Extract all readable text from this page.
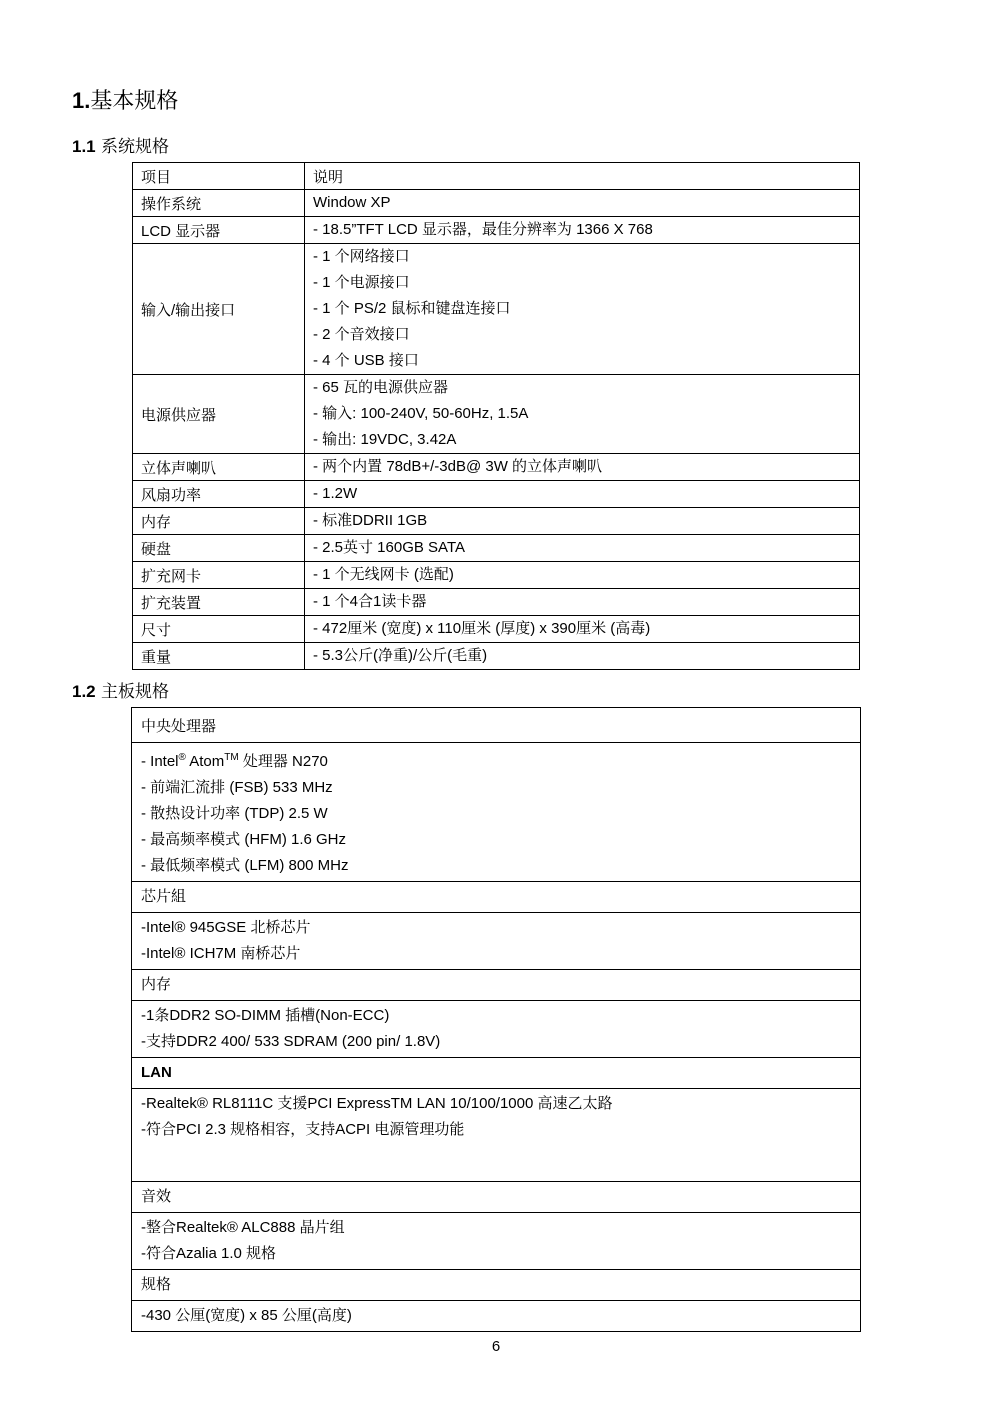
1.基本规格
1.1 系统规格
项目	说明
操作系统	Window XP

LCD 显示器	- 18.5”TFT LCD 显示器，最佳分辨率为 1366 X 768

输入/输出接口	- 1 个网络接口
- 1 个电源接口
- 1 个 PS/2 鼠标和键盘连接口
- 2 个音效接口
- 4 个 USB 接口

电源供应器	- 65 瓦的电源供应器
- 输入: 100-240V, 50-60Hz, 1.5A
- 输出: 19VDC, 3.42A

立体声喇叭	- 两个内置 78dB+/-3dB@ 3W 的立体声喇叭

风扇功率	- 1.2W

内存	- 标准DDRII 1GB

硬盘	- 2.5英寸 160GB SATA

扩充网卡	- 1 个无线网卡 (选配)

扩充装置	- 1 个4合1读卡器

尺寸	- 472厘米 (宽度) x 110厘米 (厚度) x 390厘米 (高毒)

重量	- 5.3公斤(净重)/公斤(毛重)
1.2 主板规格
中央处理器

- Intel® Atom™ 处理器 N270
- 前端汇流排 (FSB) 533 MHz
- 散热设计功率 (TDP) 2.5 W
- 最高频率模式 (HFM) 1.6 GHz
- 最低频率模式 (LFM) 800 MHz

芯片組

-Intel® 945GSE 北桥芯片
-Intel® ICH7M 南桥芯片

内存

-1条DDR2 SO-DIMM 插槽(Non-ECC)
-支持DDR2 400/ 533 SDRAM (200 pin/ 1.8V)

LAN

-Realtek® RL8111C 支援PCI ExpressTM LAN 10/100/1000 高速乙太路
-符合PCI 2.3 规格相容，支持ACPI 电源管理功能

音效

-整合Realtek® ALC888 晶片组
-符合Azalia 1.0 规格

规格

-430 公厘(宽度) x 85 公厘(高度)
6
